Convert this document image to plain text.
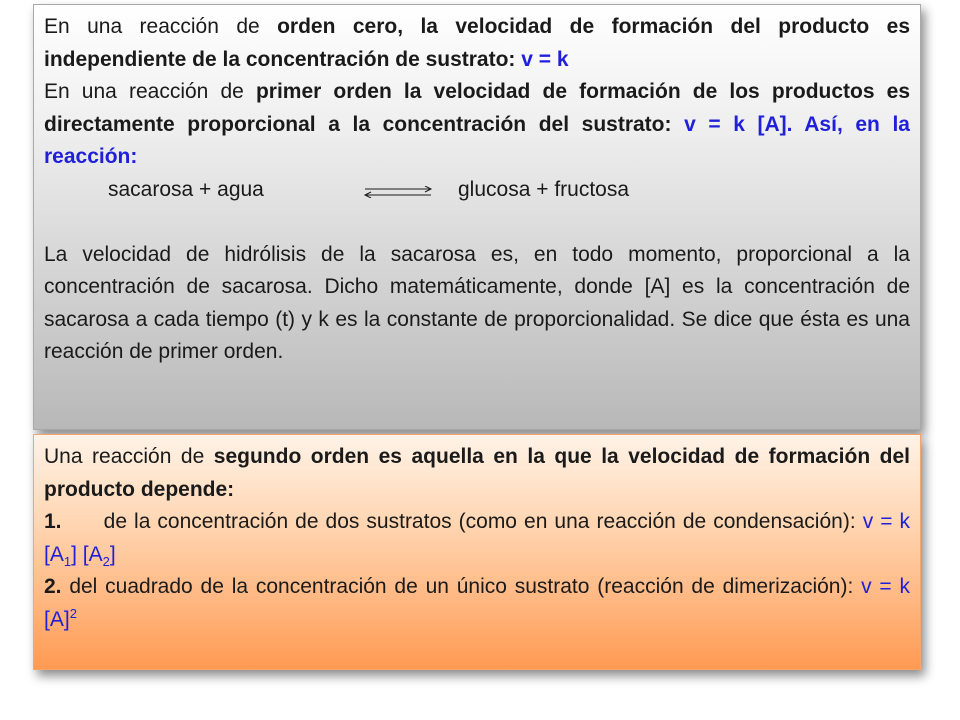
En una reacción de orden cero, la velocidad de formación del producto es independiente de la concentración de sustrato: v = k

En una reacción de primer orden la velocidad de formación de los productos es directamente proporcional a la concentración del sustrato: v = k [A]. Así, en la reacción:

sacarosa + agua	⇌ glucosa + fructosa

La velocidad de hidrólisis de la sacarosa es, en todo momento, proporcional a la concentración de sacarosa. Dicho matemáticamente, donde [A] es la concentración de sacarosa a cada tiempo (t) y k es la constante de proporcionalidad. Se dice que ésta es una reacción de primer orden.

Una reacción de segundo orden es aquella en la que la velocidad de formación del producto depende:

1.      de la concentración de dos sustratos (como en una reacción de condensación): v = k $[A_1]$ $[A_2]$

2. del cuadrado de la concentración de un único sustrato (reacción de dimerización): v = k $[A]^2$
